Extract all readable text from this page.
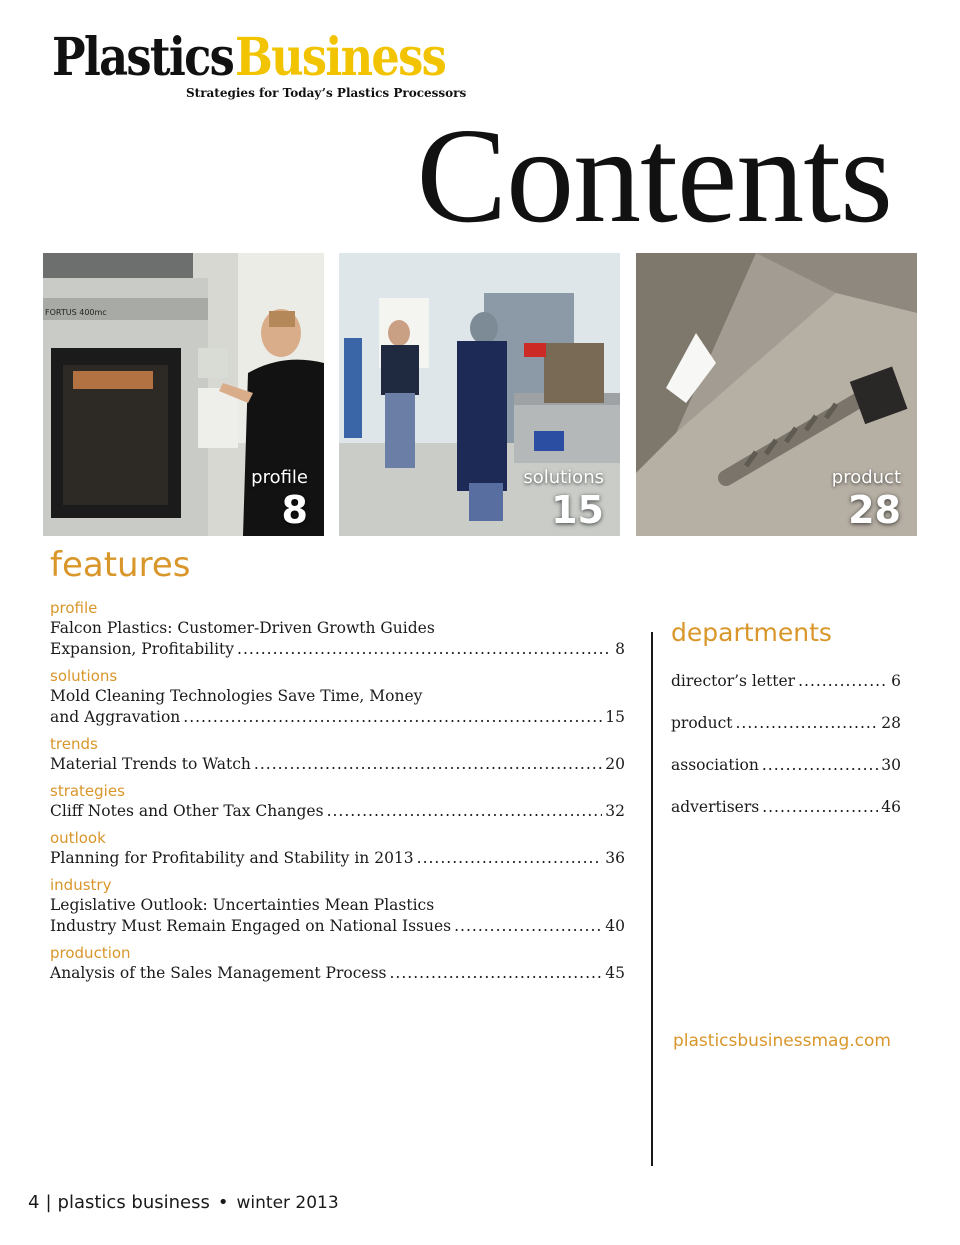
Plastics Business
Strategies for Today’s Plastics Processors
Contents
FORTUS 400mc
profile
8
solutions
15
product
28
features
profile
Falcon Plastics: Customer-Driven Growth Guides
Expansion, Profitability .....	8
solutions
Mold Cleaning Technologies Save Time, Money
and Aggravation .....	15
trends
Material Trends to Watch .....	20
strategies
Cliff Notes and Other Tax Changes .....	32
outlook
Planning for Profitability and Stability in 2013 .....	36
industry
Legislative Outlook: Uncertainties Mean Plastics
Industry Must Remain Engaged on National Issues .....	40
production
Analysis of the Sales Management Process .....	45
departments
director’s letter .....	6
product .....	28
association .....	30
advertisers .....	46
plasticsbusinessmag.com
4 | plastics business • winter 2013
